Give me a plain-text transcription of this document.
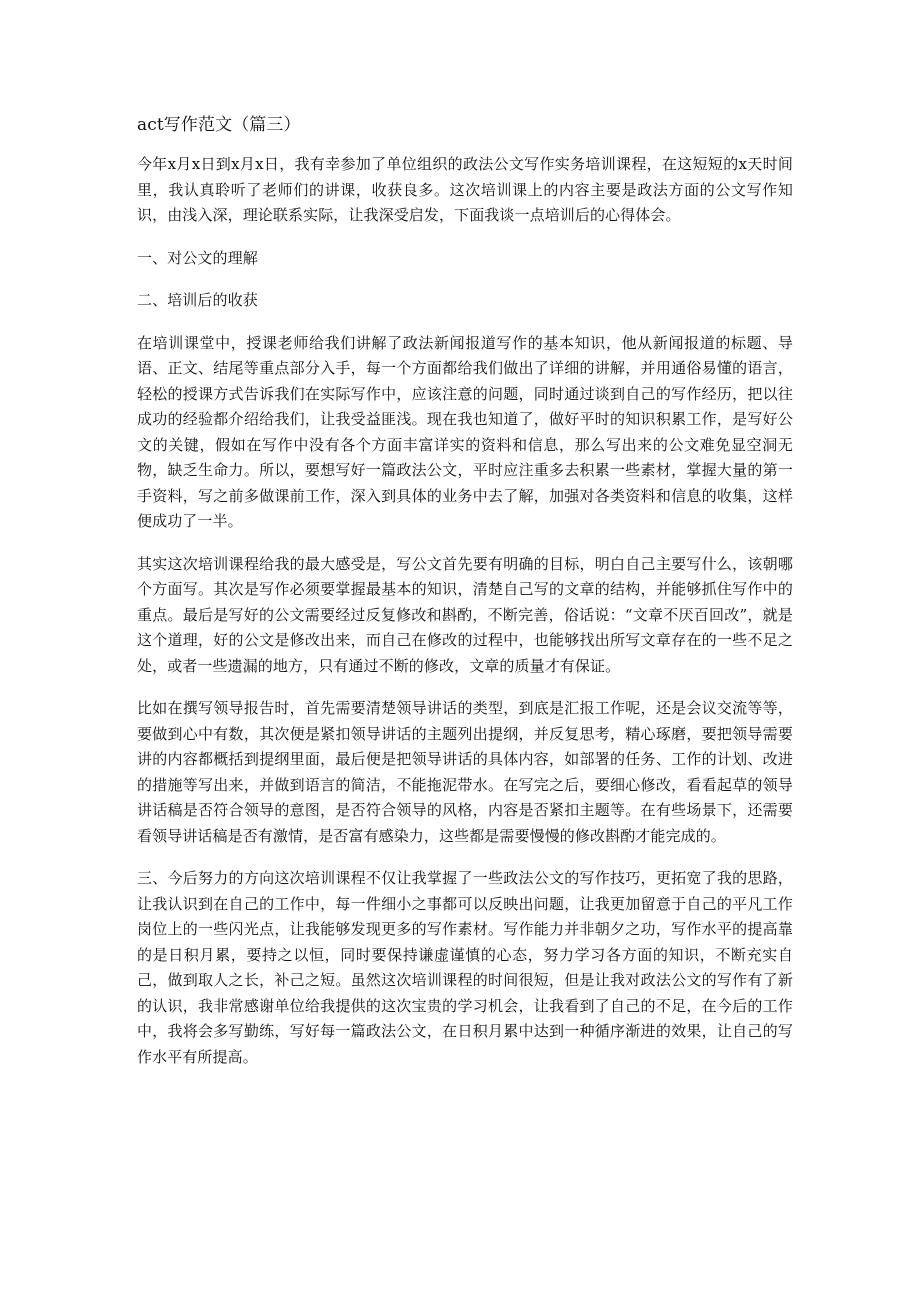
act写作范文（篇三）

今年x月x日到x月x日，我有幸参加了单位组织的政法公文写作实务培训课程，在这短短的x天时间里，我认真聆听了老师们的讲课，收获良多。这次培训课上的内容主要是政法方面的公文写作知识，由浅入深，理论联系实际，让我深受启发，下面我谈一点培训后的心得体会。

一、对公文的理解

二、培训后的收获

在培训课堂中，授课老师给我们讲解了政法新闻报道写作的基本知识，他从新闻报道的标题、导语、正文、结尾等重点部分入手，每一个方面都给我们做出了详细的讲解，并用通俗易懂的语言，轻松的授课方式告诉我们在实际写作中，应该注意的问题，同时通过谈到自己的写作经历，把以往成功的经验都介绍给我们，让我受益匪浅。现在我也知道了，做好平时的知识积累工作，是写好公文的关键，假如在写作中没有各个方面丰富详实的资料和信息，那么写出来的公文难免显空洞无物，缺乏生命力。所以，要想写好一篇政法公文，平时应注重多去积累一些素材，掌握大量的第一手资料，写之前多做课前工作，深入到具体的业务中去了解，加强对各类资料和信息的收集，这样便成功了一半。

其实这次培训课程给我的最大感受是，写公文首先要有明确的目标，明白自己主要写什么，该朝哪个方面写。其次是写作必须要掌握最基本的知识，清楚自己写的文章的结构，并能够抓住写作中的重点。最后是写好的公文需要经过反复修改和斟酌，不断完善，俗话说：“文章不厌百回改”，就是这个道理，好的公文是修改出来，而自己在修改的过程中，也能够找出所写文章存在的一些不足之处，或者一些遗漏的地方，只有通过不断的修改，文章的质量才有保证。

比如在撰写领导报告时，首先需要清楚领导讲话的类型，到底是汇报工作呢，还是会议交流等等，要做到心中有数，其次便是紧扣领导讲话的主题列出提纲，并反复思考，精心琢磨，要把领导需要讲的内容都概括到提纲里面，最后便是把领导讲话的具体内容，如部署的任务、工作的计划、改进的措施等写出来，并做到语言的简洁，不能拖泥带水。在写完之后，要细心修改，看看起草的领导讲话稿是否符合领导的意图，是否符合领导的风格，内容是否紧扣主题等。在有些场景下，还需要看领导讲话稿是否有激情，是否富有感染力，这些都是需要慢慢的修改斟酌才能完成的。

三、今后努力的方向这次培训课程不仅让我掌握了一些政法公文的写作技巧，更拓宽了我的思路，让我认识到在自己的工作中，每一件细小之事都可以反映出问题，让我更加留意于自己的平凡工作岗位上的一些闪光点，让我能够发现更多的写作素材。写作能力并非朝夕之功，写作水平的提高靠的是日积月累，要持之以恒，同时要保持谦虚谨慎的心态，努力学习各方面的知识，不断充实自己，做到取人之长，补己之短。虽然这次培训课程的时间很短，但是让我对政法公文的写作有了新的认识，我非常感谢单位给我提供的这次宝贵的学习机会，让我看到了自己的不足，在今后的工作中，我将会多写勤练，写好每一篇政法公文，在日积月累中达到一种循序渐进的效果，让自己的写作水平有所提高。
